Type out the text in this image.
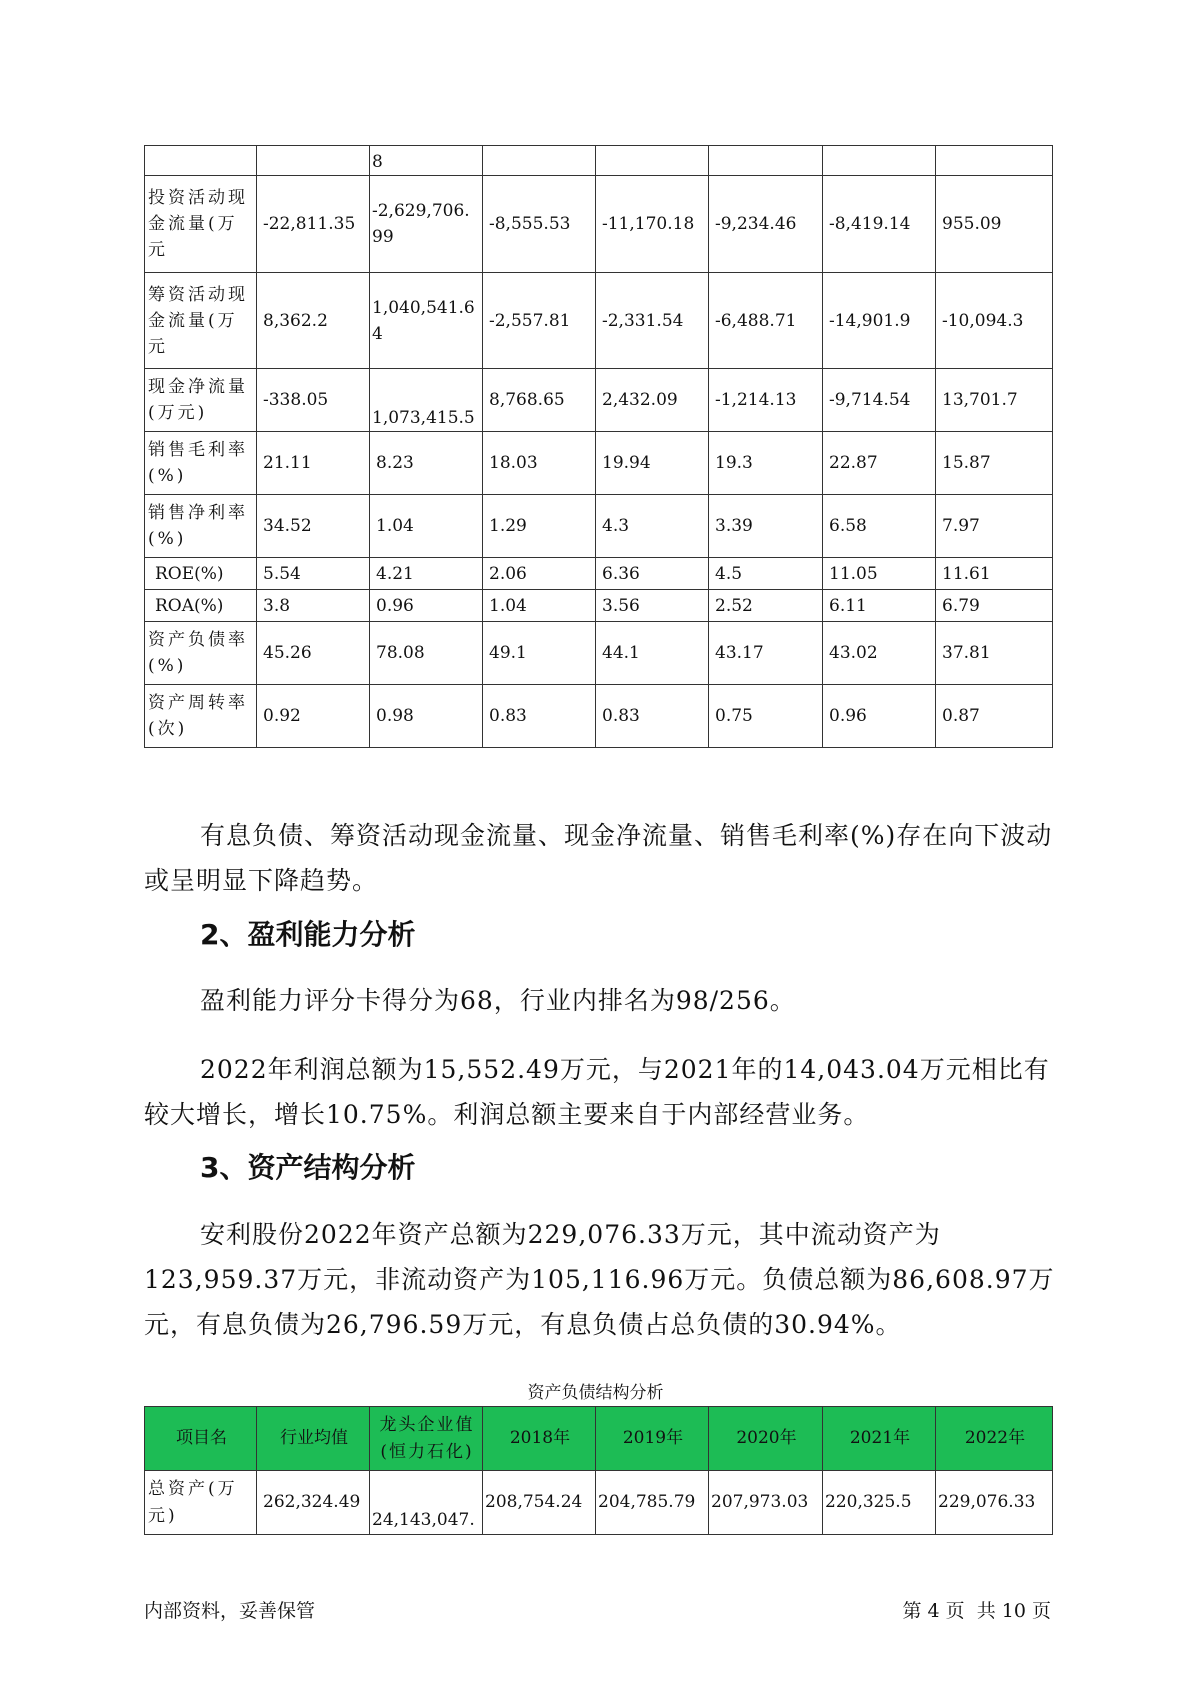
		8					
投资活动现金流量(万元	-22,811.35	-2,629,706.99	-8,555.53	-11,170.18	-9,234.46	-8,419.14	955.09
筹资活动现金流量(万元	8,362.2	1,040,541.64	-2,557.81	-2,331.54	-6,488.71	-14,901.9	-10,094.3
现金净流量(万元)	-338.05	1,073,415.5	8,768.65	2,432.09	-1,214.13	-9,714.54	13,701.7
销售毛利率(%)	21.11	8.23	18.03	19.94	19.3	22.87	15.87
销售净利率(%)	34.52	1.04	1.29	4.3	3.39	6.58	7.97
ROE(%)	5.54	4.21	2.06	6.36	4.5	11.05	11.61
ROA(%)	3.8	0.96	1.04	3.56	2.52	6.11	6.79
资产负债率(%)	45.26	78.08	49.1	44.1	43.17	43.02	37.81
资产周转率(次)	0.92	0.98	0.83	0.83	0.75	0.96	0.87

有息负债、筹资活动现金流量、现金净流量、销售毛利率(%)存在向下波动或呈明显下降趋势。

2、盈利能力分析

盈利能力评分卡得分为68，行业内排名为98/256。

2022年利润总额为15,552.49万元，与2021年的14,043.04万元相比有较大增长，增长10.75%。利润总额主要来自于内部经营业务。

3、资产结构分析

安利股份2022年资产总额为229,076.33万元，其中流动资产为123,959.37万元，非流动资产为105,116.96万元。负债总额为86,608.97万元，有息负债为26,796.59万元，有息负债占总负债的30.94%。

资产负债结构分析
项目名	行业均值	龙头企业值(恒力石化)	2018年	2019年	2020年	2021年	2022年
总资产(万元)	262,324.49	24,143,047.	208,754.24	204,785.79	207,973.03	220,325.5	229,076.33
内部资料，妥善保管	第 4 页  共 10 页
